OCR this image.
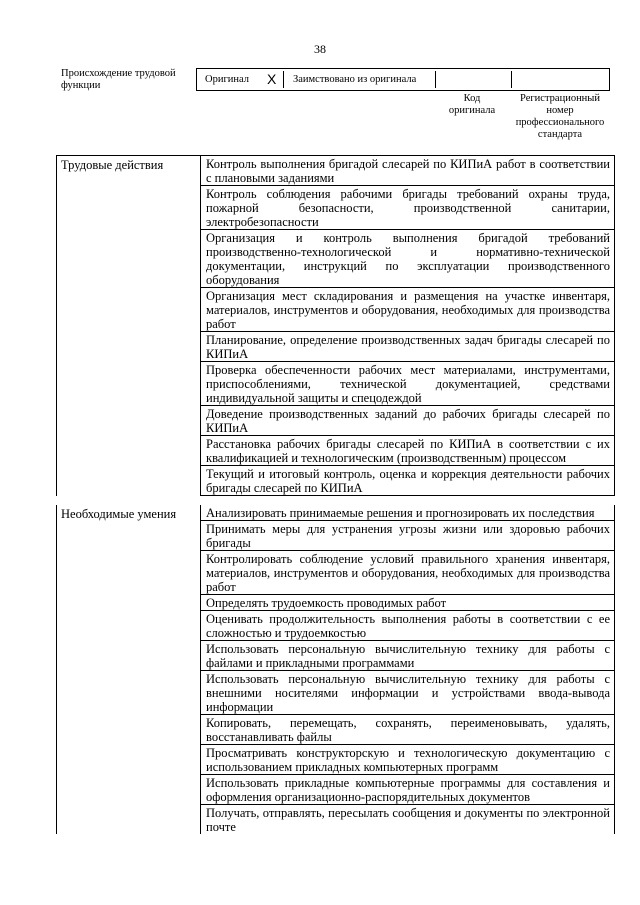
38
Происхождение трудовой функции
Оригинал X Заимствовано из оригинала
Код оригинала
Регистрационный номер профессионального стандарта
Трудовые действия	Контроль выполнения бригадой слесарей по КИПиА работ в соответствии с плановыми заданиями
Контроль соблюдения рабочими бригады требований охраны труда, пожарной безопасности, производственной санитарии, электробезопасности
Организация и контроль выполнения бригадой требований производственно-технологической и нормативно-технической документации, инструкций по эксплуатации производственного оборудования
Организация мест складирования и размещения на участке инвентаря, материалов, инструментов и оборудования, необходимых для производства работ
Планирование, определение производственных задач бригады слесарей по КИПиА
Проверка обеспеченности рабочих мест материалами, инструментами, приспособлениями, технической документацией, средствами индивидуальной защиты и спецодеждой
Доведение производственных заданий до рабочих бригады слесарей по КИПиА
Расстановка рабочих бригады слесарей по КИПиА в соответствии с их квалификацией и технологическим (производственным) процессом
Текущий и итоговый контроль, оценка и коррекция деятельности рабочих бригады слесарей по КИПиА
Необходимые умения	Анализировать принимаемые решения и прогнозировать их последствия
Принимать меры для устранения угрозы жизни или здоровью рабочих бригады
Контролировать соблюдение условий правильного хранения инвентаря, материалов, инструментов и оборудования, необходимых для производства работ
Определять трудоемкость проводимых работ
Оценивать продолжительность выполнения работы в соответствии с ее сложностью и трудоемкостью
Использовать персональную вычислительную технику для работы с файлами и прикладными программами
Использовать персональную вычислительную технику для работы с внешними носителями информации и устройствами ввода-вывода информации
Копировать, перемещать, сохранять, переименовывать, удалять, восстанавливать файлы
Просматривать конструкторскую и технологическую документацию с использованием прикладных компьютерных программ
Использовать прикладные компьютерные программы для составления и оформления организационно-распорядительных документов
Получать, отправлять, пересылать сообщения и документы по электронной почте
